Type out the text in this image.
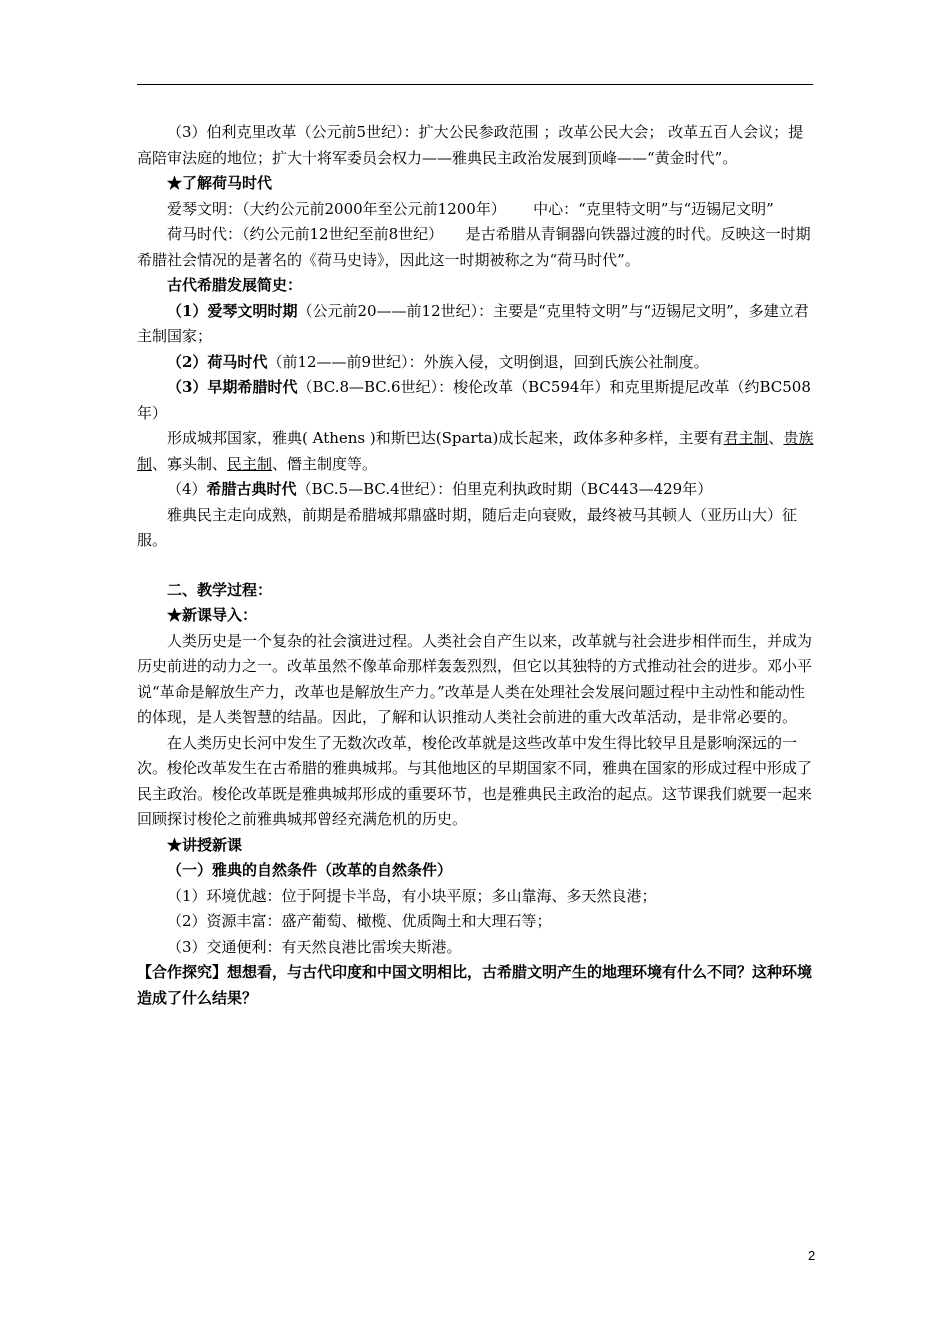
（3）伯利克里改革（公元前5世纪）：扩大公民参政范围 ；改革公民大会； 改革五百人会议；提高陪审法庭的地位；扩大十将军委员会权力——雅典民主政治发展到顶峰——“黄金时代”。

★了解荷马时代

爱琴文明：（大约公元前2000年至公元前1200年）　　 中心：“克里特文明”与“迈锡尼文明”

荷马时代：（约公元前12世纪至前8世纪）　　是古希腊从青铜器向铁器过渡的时代。反映这一时期希腊社会情况的是著名的《荷马史诗》，因此这一时期被称之为“荷马时代”。

古代希腊发展简史：

（1）爱琴文明时期（公元前20——前12世纪）：主要是“克里特文明”与“迈锡尼文明”，多建立君主制国家；

（2）荷马时代（前12——前9世纪）：外族入侵，文明倒退，回到氏族公社制度。

（3）早期希腊时代（BC.8—BC.6世纪）：梭伦改革（BC594年）和克里斯提尼改革（约BC508年）

形成城邦国家，雅典( Athens )和斯巴达(Sparta)成长起来，政体多种多样，主要有君主制、贵族制、寡头制、民主制、僭主制度等。

（4）希腊古典时代（BC.5—BC.4世纪）：伯里克利执政时期（BC443—429年）

雅典民主走向成熟，前期是希腊城邦鼎盛时期，随后走向衰败，最终被马其顿人（亚历山大）征服。

二、教学过程：

★新课导入：

人类历史是一个复杂的社会演进过程。人类社会自产生以来，改革就与社会进步相伴而生，并成为历史前进的动力之一。改革虽然不像革命那样轰轰烈烈，但它以其独特的方式推动社会的进步。邓小平说“革命是解放生产力，改革也是解放生产力。”改革是人类在处理社会发展问题过程中主动性和能动性的体现，是人类智慧的结晶。因此，了解和认识推动人类社会前进的重大改革活动，是非常必要的。

在人类历史长河中发生了无数次改革，梭伦改革就是这些改革中发生得比较早且是影响深远的一次。梭伦改革发生在古希腊的雅典城邦。与其他地区的早期国家不同，雅典在国家的形成过程中形成了民主政治。梭伦改革既是雅典城邦形成的重要环节，也是雅典民主政治的起点。这节课我们就要一起来回顾探讨梭伦之前雅典城邦曾经充满危机的历史。

★讲授新课

（一）雅典的自然条件（改革的自然条件）

（1）环境优越：位于阿提卡半岛，有小块平原；多山靠海、多天然良港；

（2）资源丰富：盛产葡萄、橄榄、优质陶土和大理石等；

（3）交通便利：有天然良港比雷埃夫斯港。

【合作探究】想想看，与古代印度和中国文明相比，古希腊文明产生的地理环境有什么不同？这种环境造成了什么结果？

2
